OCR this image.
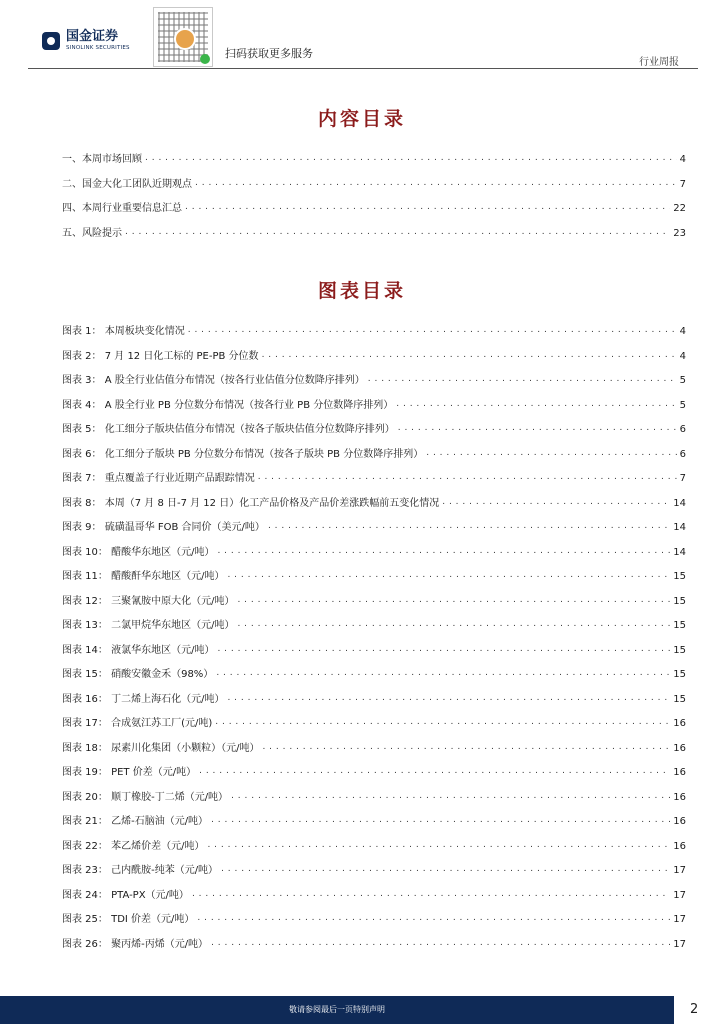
国金证券
SINOLINK SECURITIES	扫码获取更多服务
行业周报
内容目录
一、本周市场回顾 . . .	4
二、国金大化工团队近期观点 . . .	7
四、本周行业重要信息汇总 . . .	22
五、风险提示 . . .	23
图表目录
图表 1： 本周板块变化情况 . . .	4
图表 2： 7 月 12 日化工标的 PE-PB 分位数 . . .	4
图表 3： A 股全行业估值分布情况（按各行业估值分位数降序排列） . . .	5
图表 4： A 股全行业 PB 分位数分布情况（按各行业 PB 分位数降序排列） . . .	5
图表 5： 化工细分子版块估值分布情况（按各子版块估值分位数降序排列） . . .	6
图表 6： 化工细分子版块 PB 分位数分布情况（按各子版块 PB 分位数降序排列） . . .	6
图表 7： 重点覆盖子行业近期产品跟踪情况 . . .	7
图表 8： 本周（7 月 8 日-7 月 12 日）化工产品价格及产品价差涨跌幅前五变化情况 . . .	14
图表 9： 硫磺温哥华 FOB 合同价（美元/吨） . . .	14
图表 10： 醋酸华东地区（元/吨） . . .	14
图表 11： 醋酸酐华东地区（元/吨） . . .	15
图表 12： 三聚氰胺中原大化（元/吨） . . .	15
图表 13： 二氯甲烷华东地区（元/吨） . . .	15
图表 14： 液氯华东地区（元/吨） . . .	15
图表 15： 硝酸安徽金禾（98%） . . .	15
图表 16： 丁二烯上海石化（元/吨） . . .	15
图表 17： 合成氨江苏工厂(元/吨) . . .	16
图表 18： 尿素川化集团（小颗粒）（元/吨） . . .	16
图表 19： PET 价差（元/吨） . . .	16
图表 20： 顺丁橡胶-丁二烯（元/吨） . . .	16
图表 21： 乙烯-石脑油（元/吨） . . .	16
图表 22： 苯乙烯价差（元/吨） . . .	16
图表 23： 己内酰胺-纯苯（元/吨） . . .	17
图表 24： PTA-PX（元/吨） . . .	17
图表 25： TDI 价差（元/吨） . . .	17
图表 26： 聚丙烯-丙烯（元/吨） . . .	17
敬请参阅最后一页特别声明	2
